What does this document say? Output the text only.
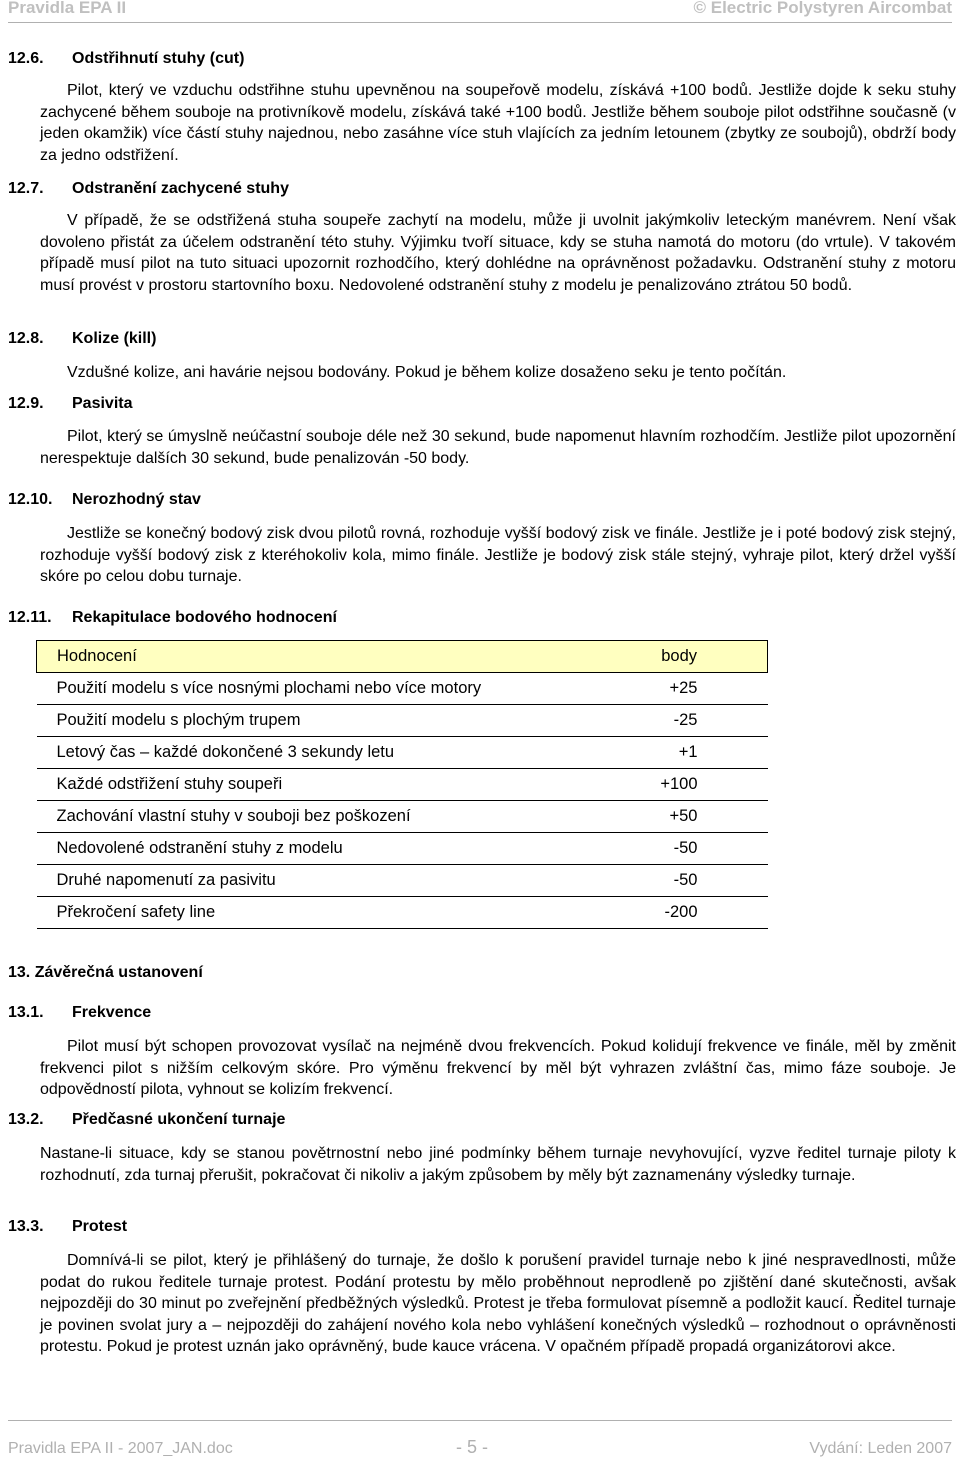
Pravidla EPA II	© Electric Polystyren Aircombat
12.6. Odstřihnutí stuhy (cut)
Pilot, který ve vzduchu odstřihne stuhu upevněnou na soupeřově modelu, získává +100 bodů. Jestliže dojde k seku stuhy zachycené během souboje na protivníkově modelu, získává také +100 bodů. Jestliže během souboje pilot odstřihne současně (v jeden okamžik) více částí stuhy najednou, nebo zasáhne více stuh vlajících za jedním letounem (zbytky ze soubojů), obdrží body za jedno odstřižení.
12.7. Odstranění zachycené stuhy
V případě, že se odstřižená stuha soupeře zachytí na modelu, může ji uvolnit jakýmkoliv leteckým manévrem. Není však dovoleno přistát za účelem odstranění této stuhy. Výjimku tvoří situace, kdy se stuha namotá do motoru (do vrtule). V takovém případě musí pilot na tuto situaci upozornit rozhodčího, který dohlédne na oprávněnost požadavku. Odstranění stuhy z motoru musí provést v prostoru startovního boxu. Nedovolené odstranění stuhy z modelu je penalizováno ztrátou 50 bodů.
12.8. Kolize (kill)
Vzdušné kolize, ani havárie nejsou bodovány. Pokud je během kolize dosaženo seku je tento počítán.
12.9. Pasivita
Pilot, který se úmyslně neúčastní souboje déle než 30 sekund, bude napomenut hlavním rozhodčím. Jestliže pilot upozornění nerespektuje dalších 30 sekund, bude penalizován -50 body.
12.10. Nerozhodný stav
Jestliže se konečný bodový zisk dvou pilotů rovná, rozhoduje vyšší bodový zisk ve finále. Jestliže je i poté bodový zisk stejný, rozhoduje vyšší bodový zisk z kteréhokoliv kola, mimo finále. Jestliže je bodový zisk stále stejný, vyhraje pilot, který držel vyšší skóre po celou dobu turnaje.
12.11. Rekapitulace bodového hodnocení
Hodnocení	body
Použití modelu s více nosnými plochami nebo více motory	+25
Použití modelu s plochým trupem	-25
Letový čas – každé dokončené 3 sekundy letu	+1
Každé odstřižení stuhy soupeři	+100
Zachování vlastní stuhy v souboji bez poškození	+50
Nedovolené odstranění stuhy z modelu	-50
Druhé napomenutí za pasivitu	-50
Překročení safety line	-200
13. Závěrečná ustanovení
13.1. Frekvence
Pilot musí být schopen provozovat vysílač na nejméně dvou frekvencích. Pokud kolidují frekvence ve finále, měl by změnit frekvenci pilot s nižším celkovým skóre. Pro výměnu frekvencí by měl být vyhrazen zvláštní čas, mimo fáze souboje. Je odpovědností pilota, vyhnout se kolizím frekvencí.
13.2. Předčasné ukončení turnaje
Nastane-li situace, kdy se stanou povětrnostní nebo jiné podmínky během turnaje nevyhovující, vyzve ředitel turnaje piloty k rozhodnutí, zda turnaj přerušit, pokračovat či nikoliv a jakým způsobem by měly být zaznamenány výsledky turnaje.
13.3. Protest
Domnívá-li se pilot, který je přihlášený do turnaje, že došlo k porušení pravidel turnaje nebo k jiné nespravedlnosti, může podat do rukou ředitele turnaje protest. Podání protestu by mělo proběhnout neprodleně po zjištění dané skutečnosti, avšak nejpozději do 30 minut po zveřejnění předběžných výsledků. Protest je třeba formulovat písemně a podložit kaucí. Ředitel turnaje je povinen svolat jury a – nejpozději do zahájení nového kola nebo vyhlášení konečných výsledků – rozhodnout o oprávněnosti protestu. Pokud je protest uznán jako oprávněný, bude kauce vrácena. V opačném případě propadá organizátorovi akce.
Pravidla EPA II - 2007_JAN.doc	- 5 -	Vydání: Leden 2007
